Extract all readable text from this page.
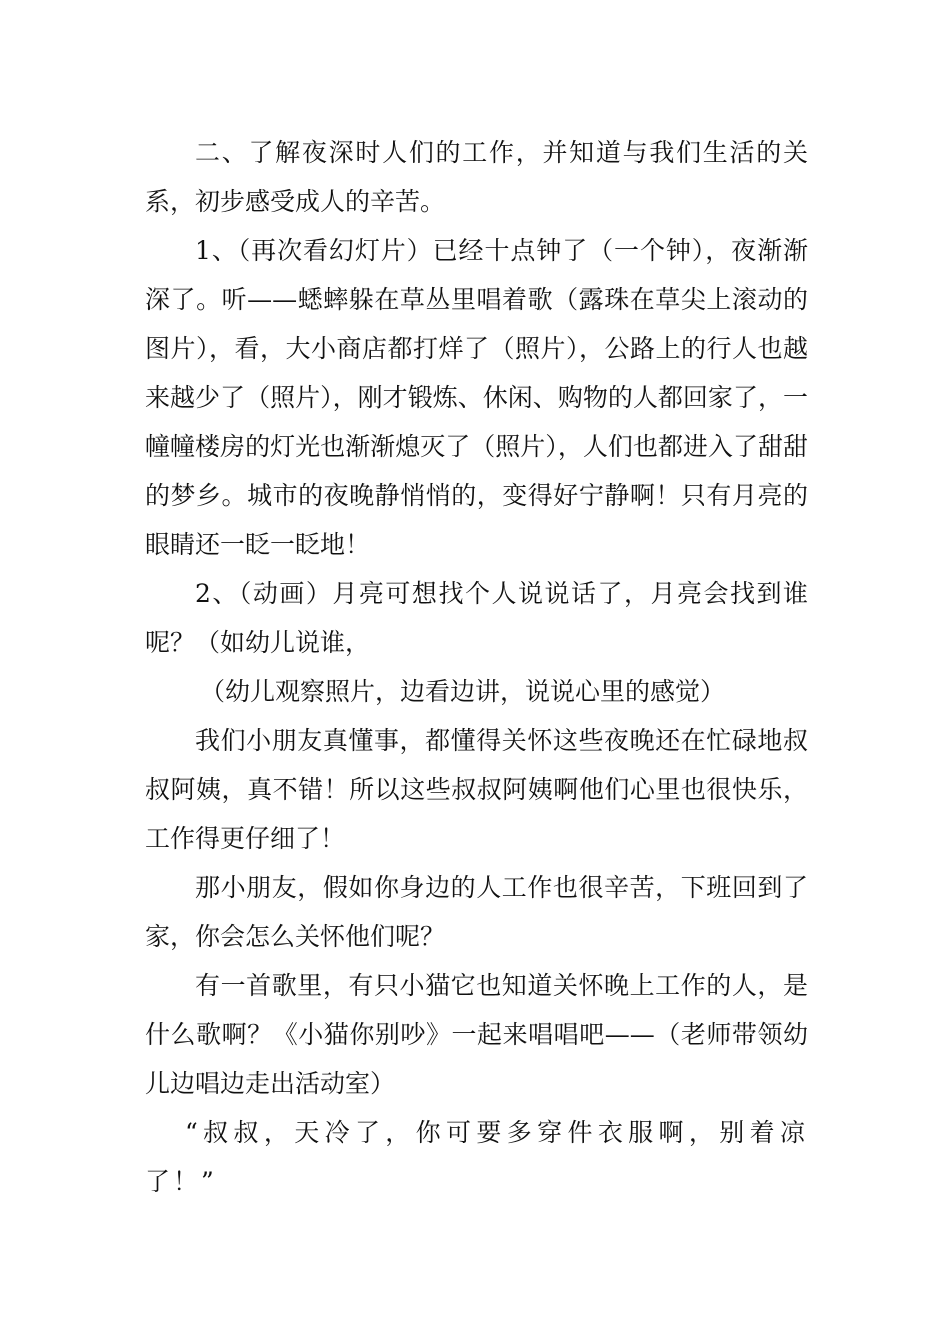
二、了解夜深时人们的工作，并知道与我们生活的关系，初步感受成人的辛苦。

1、（再次看幻灯片）已经十点钟了（一个钟），夜渐渐深了。听——蟋蟀躲在草丛里唱着歌（露珠在草尖上滚动的图片），看，大小商店都打烊了（照片），公路上的行人也越来越少了（照片），刚才锻炼、休闲、购物的人都回家了，一幢幢楼房的灯光也渐渐熄灭了（照片），人们也都进入了甜甜的梦乡。城市的夜晚静悄悄的，变得好宁静啊！只有月亮的眼睛还一眨一眨地！

2、（动画）月亮可想找个人说说话了，月亮会找到谁呢？（如幼儿说谁，

（幼儿观察照片，边看边讲，说说心里的感觉）

我们小朋友真懂事，都懂得关怀这些夜晚还在忙碌地叔叔阿姨，真不错！所以这些叔叔阿姨啊他们心里也很快乐，工作得更仔细了！

那小朋友，假如你身边的人工作也很辛苦，下班回到了家，你会怎么关怀他们呢？

有一首歌里，有只小猫它也知道关怀晚上工作的人，是什么歌啊？《小猫你别吵》一起来唱唱吧——（老师带领幼儿边唱边走出活动室）

“叔叔，天冷了，你可要多穿件衣服啊，别着凉了！”
